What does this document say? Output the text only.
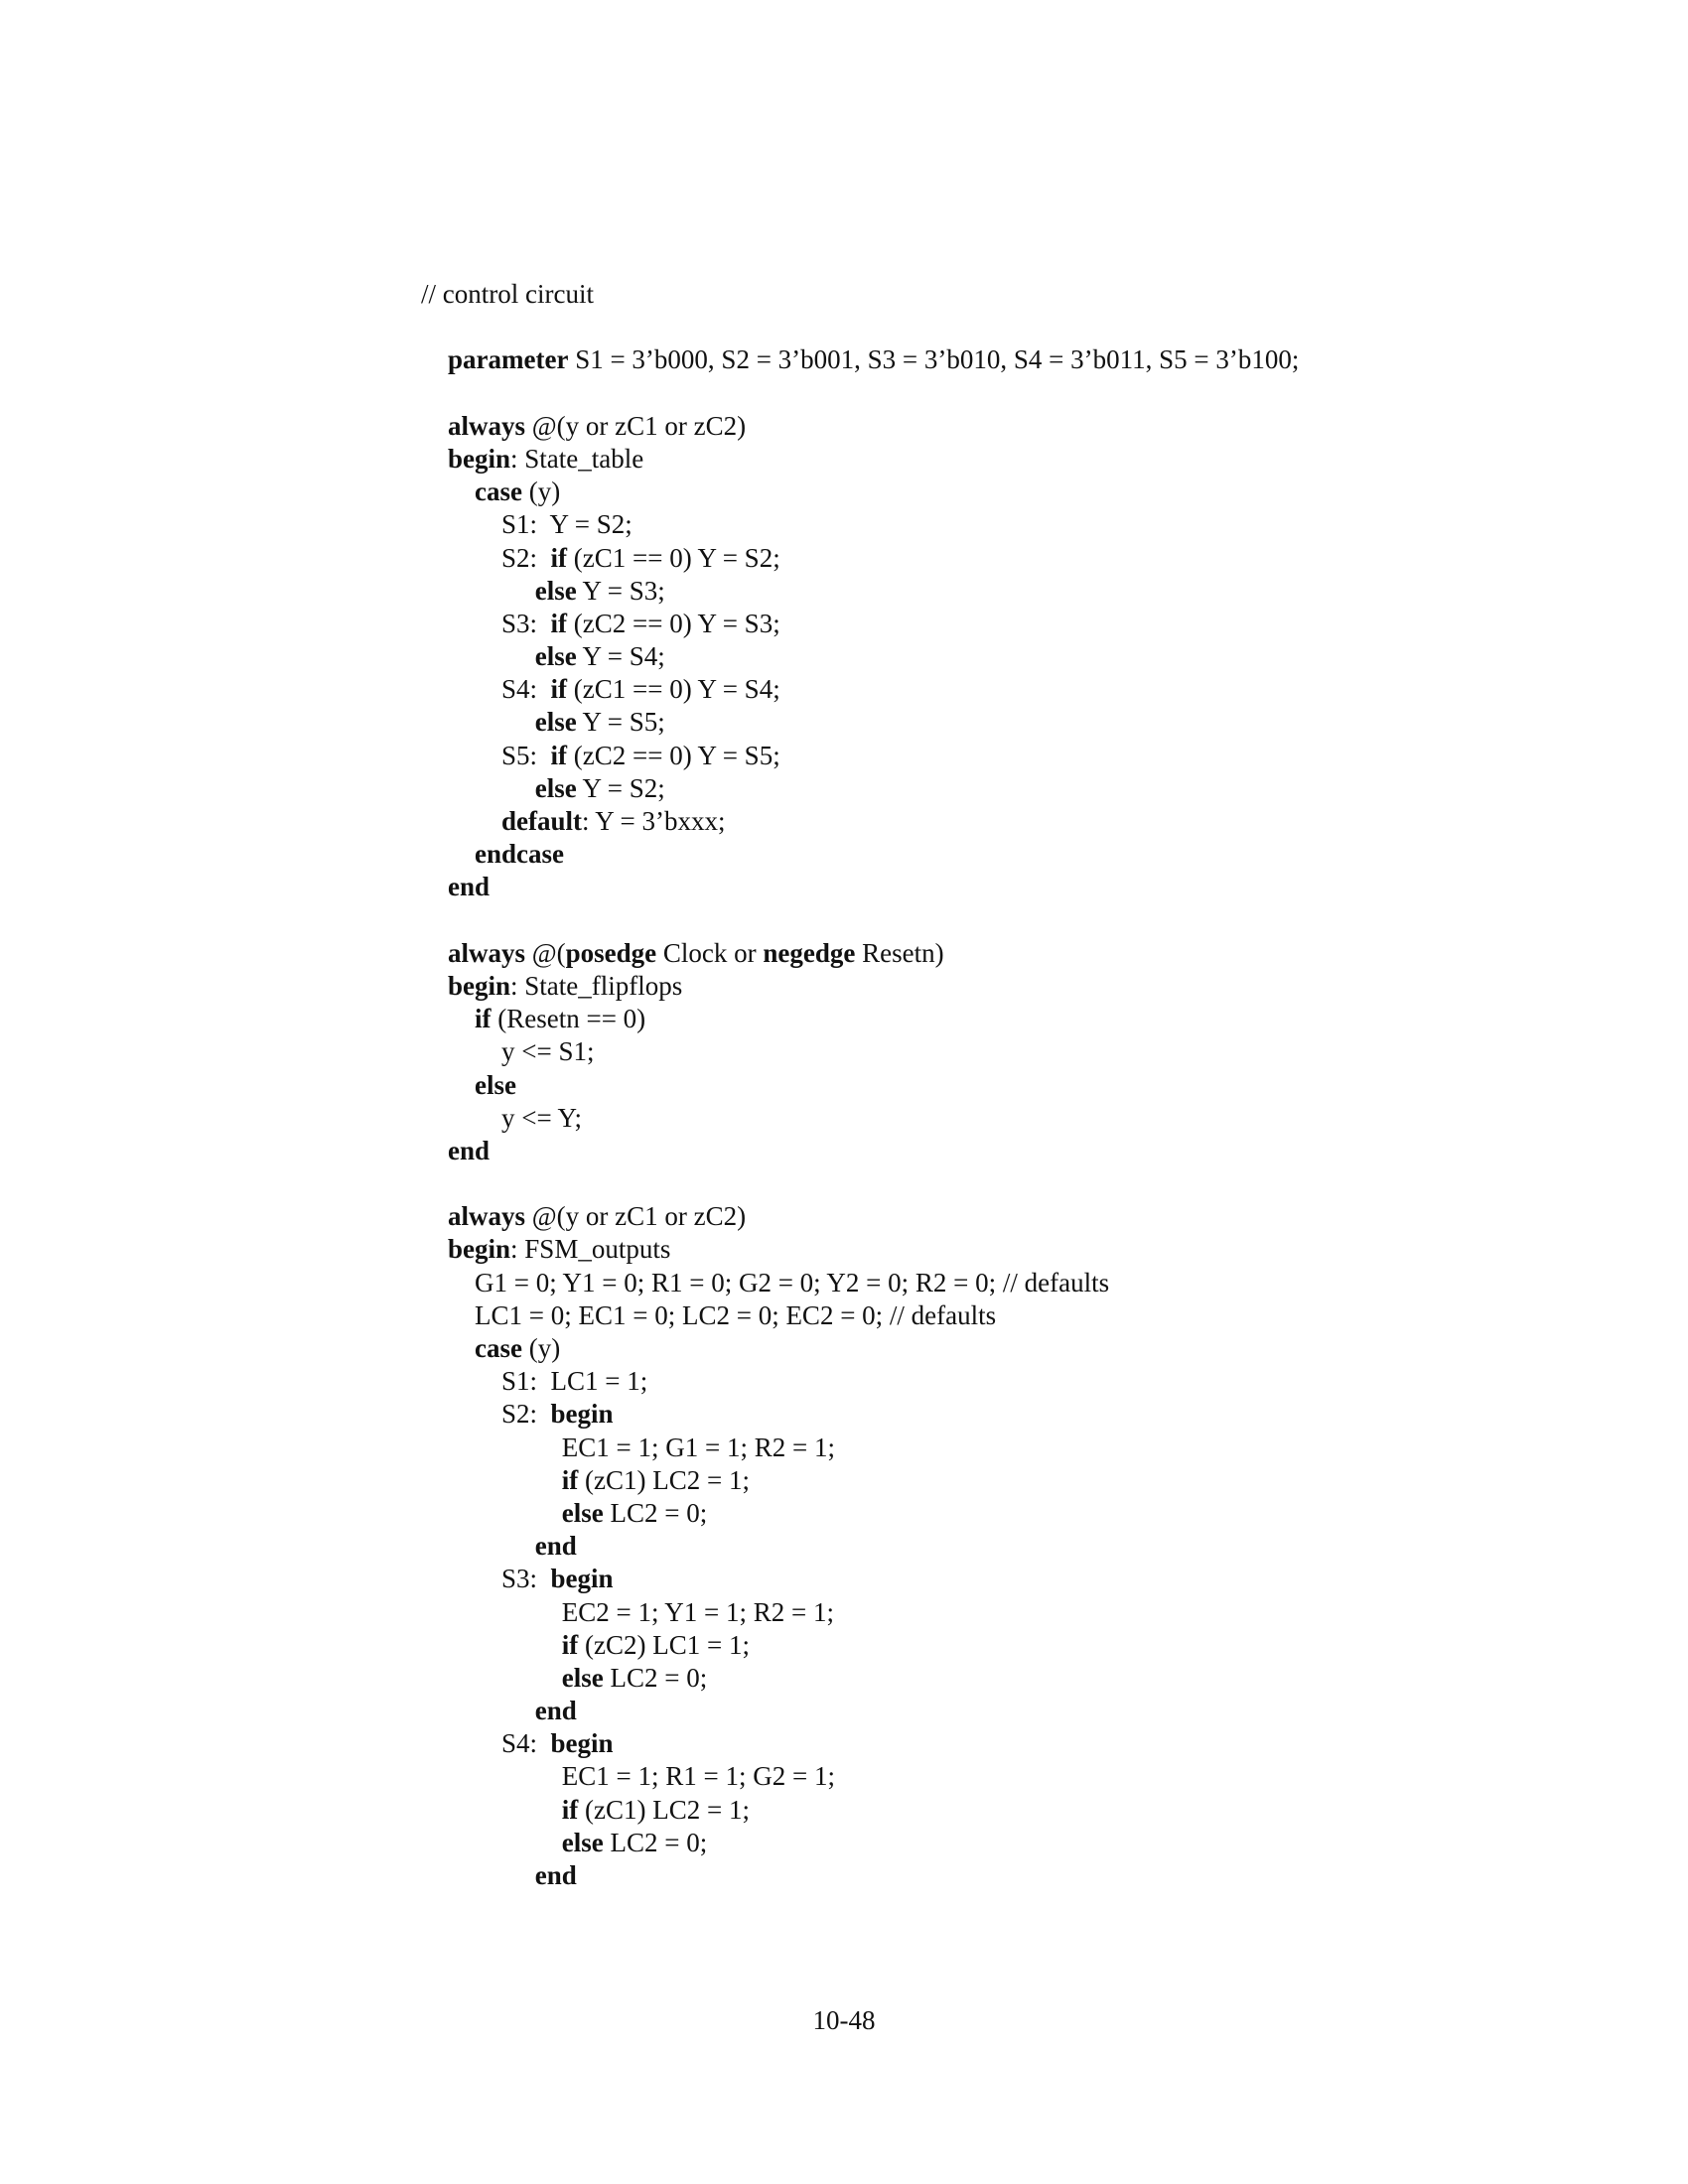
// control circuit
parameter S1 = 3’b000, S2 = 3’b001, S3 = 3’b010, S4 = 3’b011, S5 = 3’b100;
always @(y or zC1 or zC2)
begin: State_table
case (y)
S1:  Y = S2;
S2:  if (zC1 == 0) Y = S2;
else Y = S3;
S3:  if (zC2 == 0) Y = S3;
else Y = S4;
S4:  if (zC1 == 0) Y = S4;
else Y = S5;
S5:  if (zC2 == 0) Y = S5;
else Y = S2;
default: Y = 3’bxxx;
endcase
end
always @(posedge Clock or negedge Resetn)
begin: State_flipflops
if (Resetn == 0)
y <= S1;
else
y <= Y;
end
always @(y or zC1 or zC2)
begin: FSM_outputs
G1 = 0; Y1 = 0; R1 = 0; G2 = 0; Y2 = 0; R2 = 0; // defaults
LC1 = 0; EC1 = 0; LC2 = 0; EC2 = 0; // defaults
case (y)
S1:  LC1 = 1;
S2:  begin
EC1 = 1; G1 = 1; R2 = 1;
if (zC1) LC2 = 1;
else LC2 = 0;
end
S3:  begin
EC2 = 1; Y1 = 1; R2 = 1;
if (zC2) LC1 = 1;
else LC2 = 0;
end
S4:  begin
EC1 = 1; R1 = 1; G2 = 1;
if (zC1) LC2 = 1;
else LC2 = 0;
end
10-48
